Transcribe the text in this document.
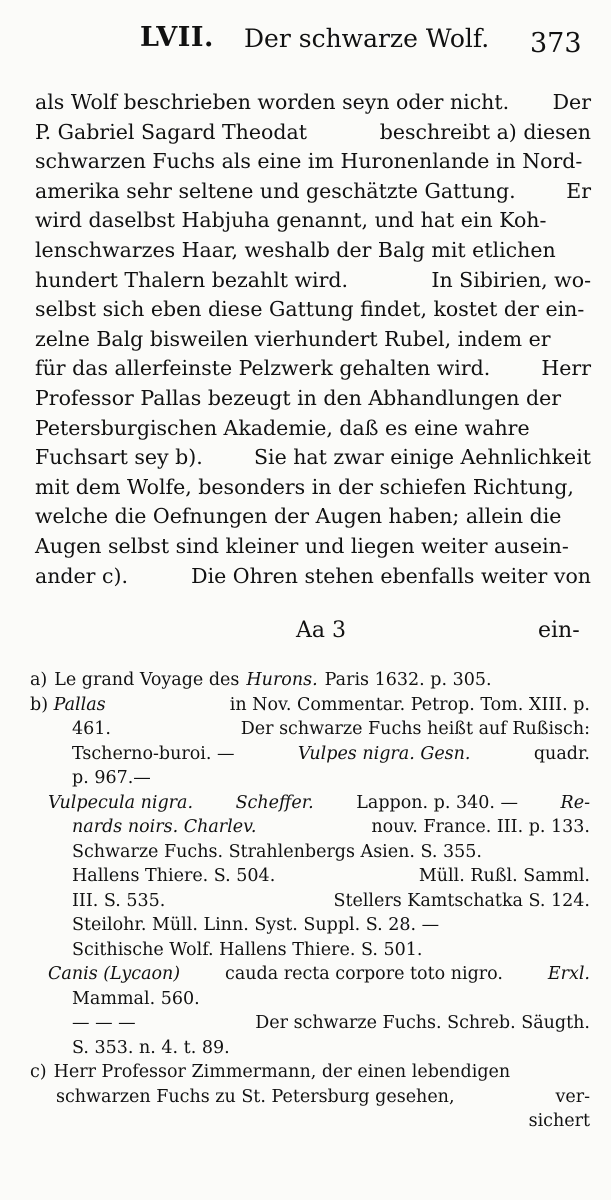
LVII. Der schwarze Wolf. 373
als Wolf beschrieben worden seyn oder nicht. Der
P. Gabriel Sagard Theodat	beschreibt a) diesen
schwarzen Fuchs als eine im Huronenlande in Nord-
amerika sehr seltene und geschätzte Gattung. Er
wird daselbst Habjuha genannt, und hat ein Koh-
lenschwarzes Haar, weshalb der Balg mit etlichen
hundert Thalern bezahlt wird.	In Sibirien, wo-
selbst sich eben diese Gattung findet, kostet der ein-
zelne Balg bisweilen vierhundert Rubel, indem er
für das allerfeinste Pelzwerk gehalten wird. Herr
Professor Pallas bezeugt in den Abhandlungen der
Petersburgischen Akademie, daß es eine wahre
Fuchsart sey b). Sie hat zwar einige Aehnlichkeit
mit dem Wolfe, besonders in der schiefen Richtung,
welche die Oefnungen der Augen haben; allein die
Augen selbst sind kleiner und liegen weiter ausein-
ander c).	Die Ohren stehen ebenfalls weiter von
Aa 3	ein-
a) Le grand Voyage des Hurons. Paris 1632. p. 305.
b) Pallas	in Nov. Commentar. Petrop. Tom. XIII. p.
461.	Der schwarze Fuchs heißt auf Rußisch:
Tscherno-buroi. —	Vulpes nigra. Gesn.	quadr.
p. 967.—
Vulpecula nigra. Scheffer. Lappon. p. 340. — Re-
nards noirs. Charlev.	nouv. France. III. p. 133.
Schwarze Fuchs. Strahlenbergs Asien. S. 355.
Hallens Thiere. S. 504.	Müll. Rußl. Samml.
III. S. 535.	Stellers Kamtschatka S. 124.
Steilohr. Müll. Linn. Syst. Suppl. S. 28. —
Scithische Wolf. Hallens Thiere. S. 501.
Canis (Lycaon)	cauda recta corpore toto nigro.	Erxl.
Mammal. 560.
— — —	Der schwarze Fuchs. Schreb. Säugth.
S. 353. n. 4. t. 89.
c) Herr Professor Zimmermann, der einen lebendigen
schwarzen Fuchs zu St. Petersburg gesehen,	ver-
sichert
